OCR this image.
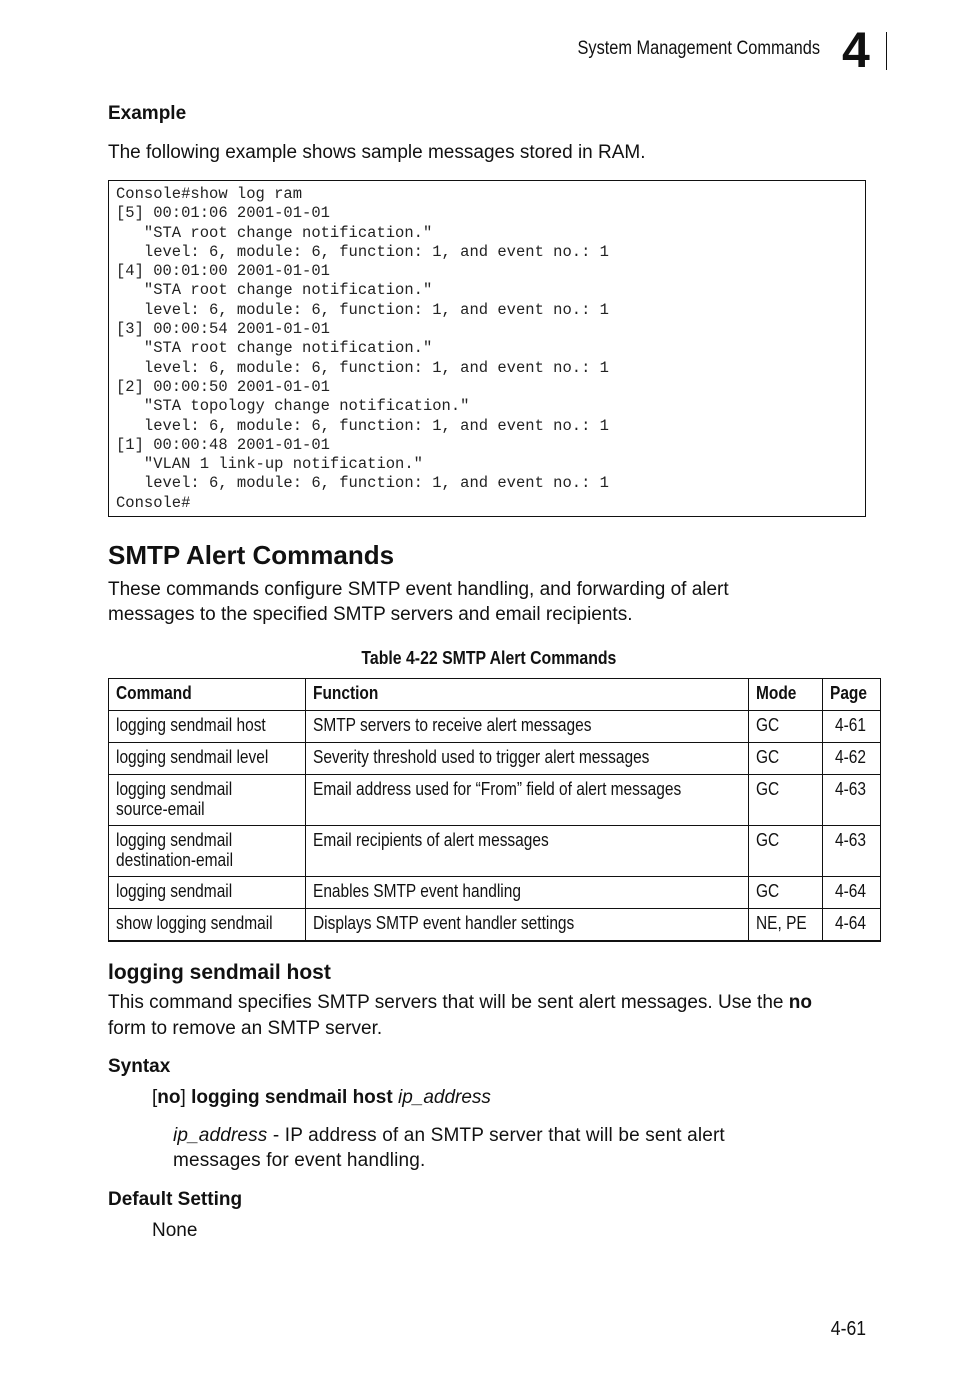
System Management Commands 4
Example
The following example shows sample messages stored in RAM.
Console#show log ram
[5] 00:01:06 2001-01-01
"STA root change notification."
level: 6, module: 6, function: 1, and event no.: 1
[4] 00:01:00 2001-01-01
"STA root change notification."
level: 6, module: 6, function: 1, and event no.: 1
[3] 00:00:54 2001-01-01
"STA root change notification."
level: 6, module: 6, function: 1, and event no.: 1
[2] 00:00:50 2001-01-01
"STA topology change notification."
level: 6, module: 6, function: 1, and event no.: 1
[1] 00:00:48 2001-01-01
"VLAN 1 link-up notification."
level: 6, module: 6, function: 1, and event no.: 1
Console#
SMTP Alert Commands
These commands configure SMTP event handling, and forwarding of alert
messages to the specified SMTP servers and email recipients.
Table 4-22 SMTP Alert Commands
Command	Function	Mode	Page
logging sendmail host	SMTP servers to receive alert messages	GC	4-61
logging sendmail level	Severity threshold used to trigger alert messages	GC	4-62
logging sendmail
source-email	Email address used for “From” field of alert messages	GC	4-63
logging sendmail
destination-email	Email recipients of alert messages	GC	4-63
logging sendmail	Enables SMTP event handling	GC	4-64
show logging sendmail	Displays SMTP event handler settings	NE, PE	4-64
logging sendmail host
This command specifies SMTP servers that will be sent alert messages. Use the no
form to remove an SMTP server.
Syntax
[no] logging sendmail host ip_address
ip_address - IP address of an SMTP server that will be sent alert
messages for event handling.
Default Setting
None
4-61
